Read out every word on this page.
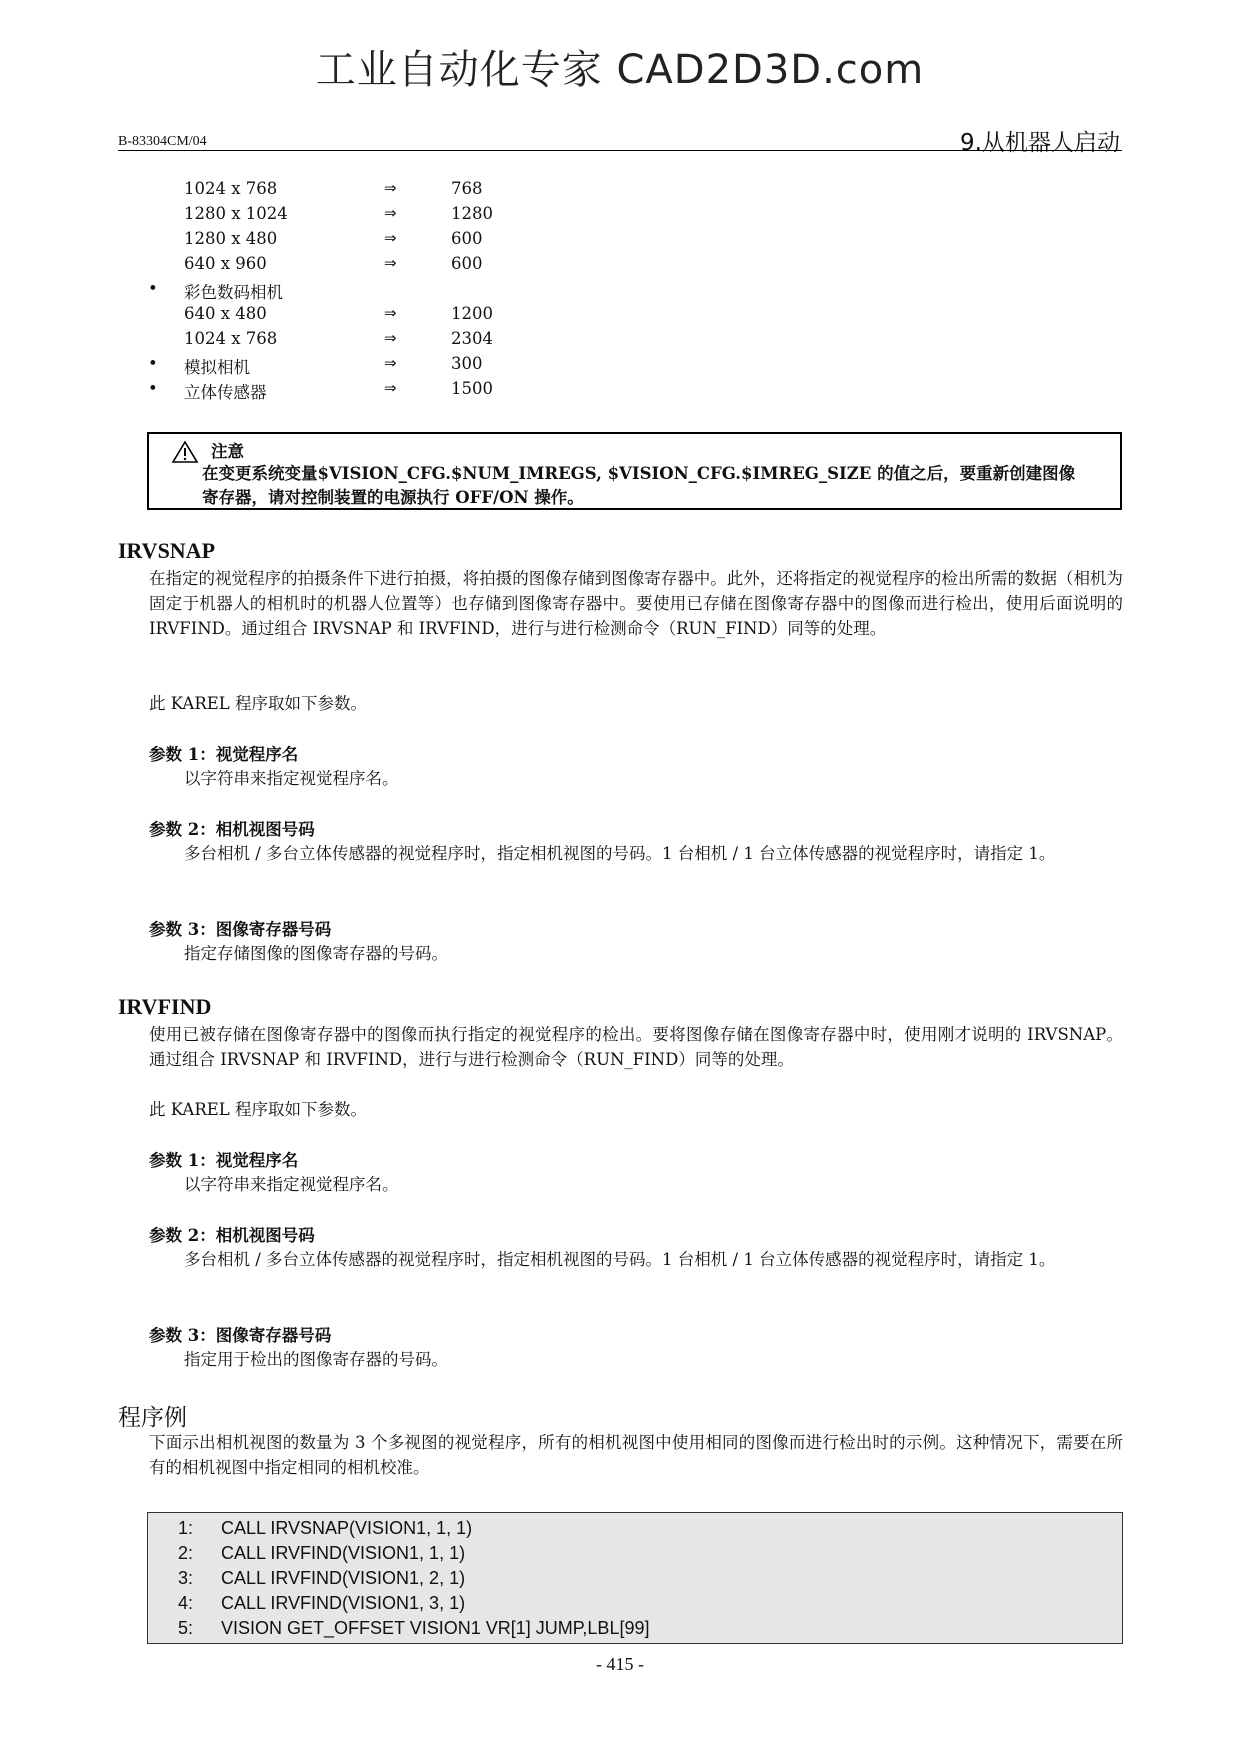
工业自动化专家 CAD2D3D.com
B-83304CM/04	9.从机器人启动
1024 x 768	⇒	768
1280 x 1024	⇒	1280
1280 x 480	⇒	600
640 x 960	⇒	600
• 彩色数码相机
640 x 480	⇒	1200
1024 x 768	⇒	2304
• 模拟相机	⇒	300
• 立体传感器	⇒	1500
注意
在变更系统变量$VISION_CFG.$NUM_IMREGS, $VISION_CFG.$IMREG_SIZE 的值之后，要重新创建图像
寄存器，请对控制装置的电源执行 OFF/ON 操作。
IRVSNAP
在指定的视觉程序的拍摄条件下进行拍摄，将拍摄的图像存储到图像寄存器中。此外，还将指定的视觉程序的检出所需的数据（相机为固定于机器人的相机时的机器人位置等）也存储到图像寄存器中。要使用已存储在图像寄存器中的图像而进行检出，使用后面说明的 IRVFIND。通过组合 IRVSNAP 和 IRVFIND，进行与进行检测命令（RUN_FIND）同等的处理。
此 KAREL 程序取如下参数。
参数 1：视觉程序名
以字符串来指定视觉程序名。
参数 2：相机视图号码
多台相机 / 多台立体传感器的视觉程序时，指定相机视图的号码。1 台相机 / 1 台立体传感器的视觉程序时，请指定 1。
参数 3：图像寄存器号码
指定存储图像的图像寄存器的号码。
IRVFIND
使用已被存储在图像寄存器中的图像而执行指定的视觉程序的检出。要将图像存储在图像寄存器中时，使用刚才说明的 IRVSNAP。通过组合 IRVSNAP 和 IRVFIND，进行与进行检测命令（RUN_FIND）同等的处理。
此 KAREL 程序取如下参数。
参数 1：视觉程序名
以字符串来指定视觉程序名。
参数 2：相机视图号码
多台相机 / 多台立体传感器的视觉程序时，指定相机视图的号码。1 台相机 / 1 台立体传感器的视觉程序时，请指定 1。
参数 3：图像寄存器号码
指定用于检出的图像寄存器的号码。
程序例
下面示出相机视图的数量为 3 个多视图的视觉程序，所有的相机视图中使用相同的图像而进行检出时的示例。这种情况下，需要在所有的相机视图中指定相同的相机校准。
1: CALL IRVSNAP(VISION1, 1, 1)
2: CALL IRVFIND(VISION1, 1, 1)
3: CALL IRVFIND(VISION1, 2, 1)
4: CALL IRVFIND(VISION1, 3, 1)
5: VISION GET_OFFSET VISION1 VR[1] JUMP,LBL[99]
- 415 -
